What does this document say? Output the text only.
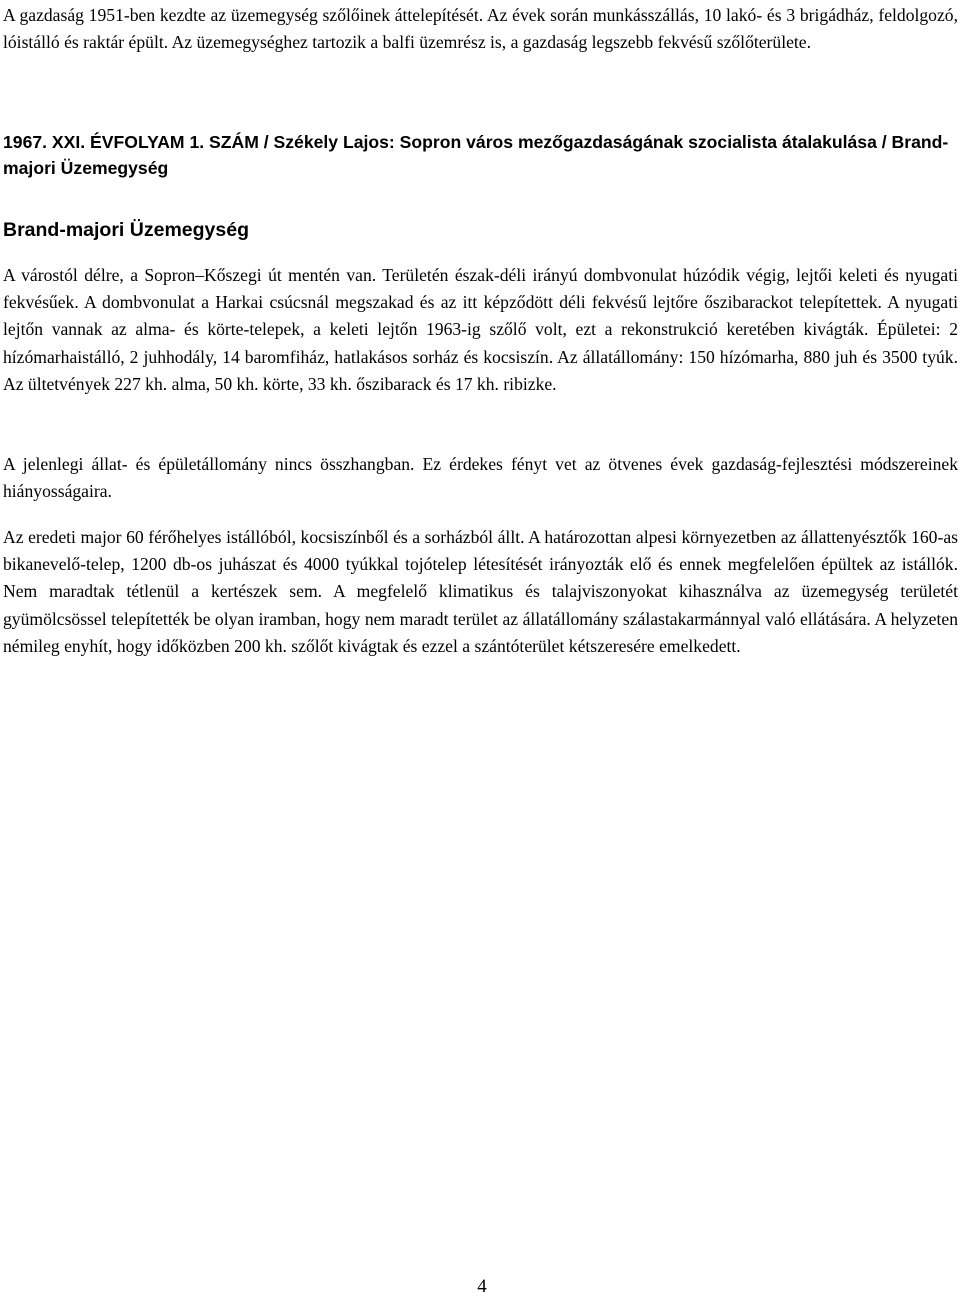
A gazdaság 1951-ben kezdte az üzemegység szőlőinek áttelepítését. Az évek során munkásszállás, 10 lakó- és 3 brigádház, feldolgozó, lóistálló és raktár épült. Az üzemegységhez tartozik a balfi üzemrész is, a gazdaság legszebb fekvésű szőlőterülete.

1967. XXI. ÉVFOLYAM 1. SZÁM / Székely Lajos: Sopron város mezőgazdaságának szocialista átalakulása / Brand-majori Üzemegység
Brand-majori Üzemegység

A várostól délre, a Sopron–Kőszegi út mentén van. Területén észak-déli irányú dombvonulat húzódik végig, lejtői keleti és nyugati fekvésűek. A dombvonulat a Harkai csúcsnál megszakad és az itt képződött déli fekvésű lejtőre őszibarackot telepítettek. A nyugati lejtőn vannak az alma- és körte-telepek, a keleti lejtőn 1963-ig szőlő volt, ezt a rekonstrukció keretében kivágták. Épületei: 2 hízómarhaistálló, 2 juhhodály, 14 baromfiház, hatlakásos sorház és kocsiszín. Az állatállomány: 150 hízómarha, 880 juh és 3500 tyúk. Az ültetvények 227 kh. alma, 50 kh. körte, 33 kh. őszibarack és 17 kh. ribizke.

A jelenlegi állat- és épületállomány nincs összhangban. Ez érdekes fényt vet az ötvenes évek gazdaság-fejlesztési módszereinek hiányosságaira.

Az eredeti major 60 férőhelyes istállóból, kocsiszínből és a sorházból állt. A határozottan alpesi környezetben az állattenyésztők 160-as bikanevelő-telep, 1200 db-os juhászat és 4000 tyúkkal tojótelep létesítését irányozták elő és ennek megfelelően épültek az istállók. Nem maradtak tétlenül a kertészek sem. A megfelelő klimatikus és talajviszonyokat kihasználva az üzemegység területét gyümölcsössel telepítették be olyan iramban, hogy nem maradt terület az állatállomány szálastakarmánnyal való ellátására. A helyzeten némileg enyhít, hogy időközben 200 kh. szőlőt kivágtak és ezzel a szántóterület kétszeresére emelkedett.

4
